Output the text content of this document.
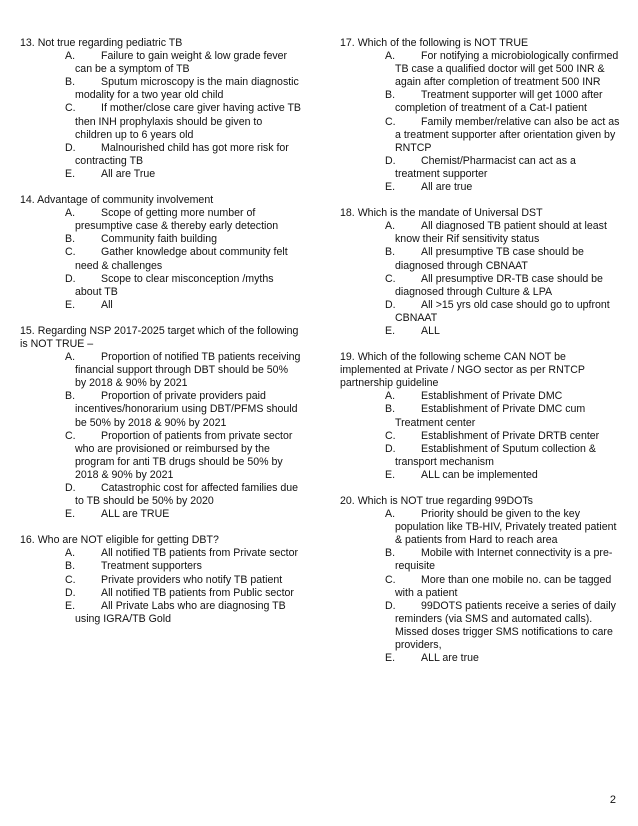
13. Not true regarding pediatric TB
A.	Failure to gain weight & low grade fever can be a symptom of TB
B.	Sputum microscopy is the main diagnostic modality for a two year old child
C.	If mother/close care giver having active TB then INH prophylaxis should be given to children up to 6 years old
D.	Malnourished child has got more risk for contracting TB
E.	All are True
14. Advantage of community involvement
A.	Scope of getting more number of presumptive case & thereby early detection
B.	Community faith building
C.	Gather knowledge about community felt need & challenges
D.	Scope to clear misconception /myths about TB
E.	All
15. Regarding NSP 2017-2025 target which of the following is NOT TRUE –
A.	Proportion of notified TB patients receiving financial support through DBT should be 50% by 2018 & 90% by 2021
B.	Proportion of private providers paid incentives/honorarium using DBT/PFMS should be 50% by 2018 & 90% by 2021
C.	Proportion of patients from private sector who are provisioned or reimbursed by the program for anti TB drugs should be 50% by 2018 & 90% by 2021
D.	Catastrophic cost for affected families due to TB should be 50% by 2020
E.	ALL are TRUE
16. Who are NOT eligible for getting DBT?
A.	All notified TB patients from Private sector
B.	Treatment supporters
C.	Private providers who notify TB patient
D.	All notified TB patients from Public sector
E.	All Private Labs who are diagnosing TB using IGRA/TB Gold
17. Which of the following is NOT TRUE
A.	For notifying a microbiologically confirmed TB case a qualified doctor will get 500 INR & again after completion of treatment 500 INR
B.	Treatment supporter will get 1000 after completion of treatment of a Cat-I patient
C.	Family member/relative can also be act as a treatment supporter after orientation given by RNTCP
D.	Chemist/Pharmacist can act as a treatment supporter
E.	All are true
18. Which is the mandate of Universal DST
A.	All diagnosed TB patient should at least know their Rif sensitivity status
B.	All presumptive TB case should be diagnosed through CBNAAT
C.	All presumptive DR-TB case should be diagnosed through Culture & LPA
D.	All >15 yrs old case should go to upfront CBNAAT
E.	ALL
19. Which of the following scheme CAN NOT be implemented at Private / NGO sector as per RNTCP partnership guideline
A.	Establishment of Private DMC
B.	Establishment of Private DMC cum Treatment center
C.	Establishment of Private DRTB center
D.	Establishment of Sputum collection & transport mechanism
E.	ALL can be implemented
20. Which is NOT true regarding 99DOTs
A.	Priority should be given to the key population like TB-HIV, Privately treated patient & patients from Hard to reach area
B.	Mobile with Internet connectivity is a pre-requisite
C.	More than one mobile no. can be tagged with a patient
D.	99DOTS patients receive a series of daily reminders (via SMS and automated calls). Missed doses trigger SMS notifications to care providers,
E.	ALL are true
2
